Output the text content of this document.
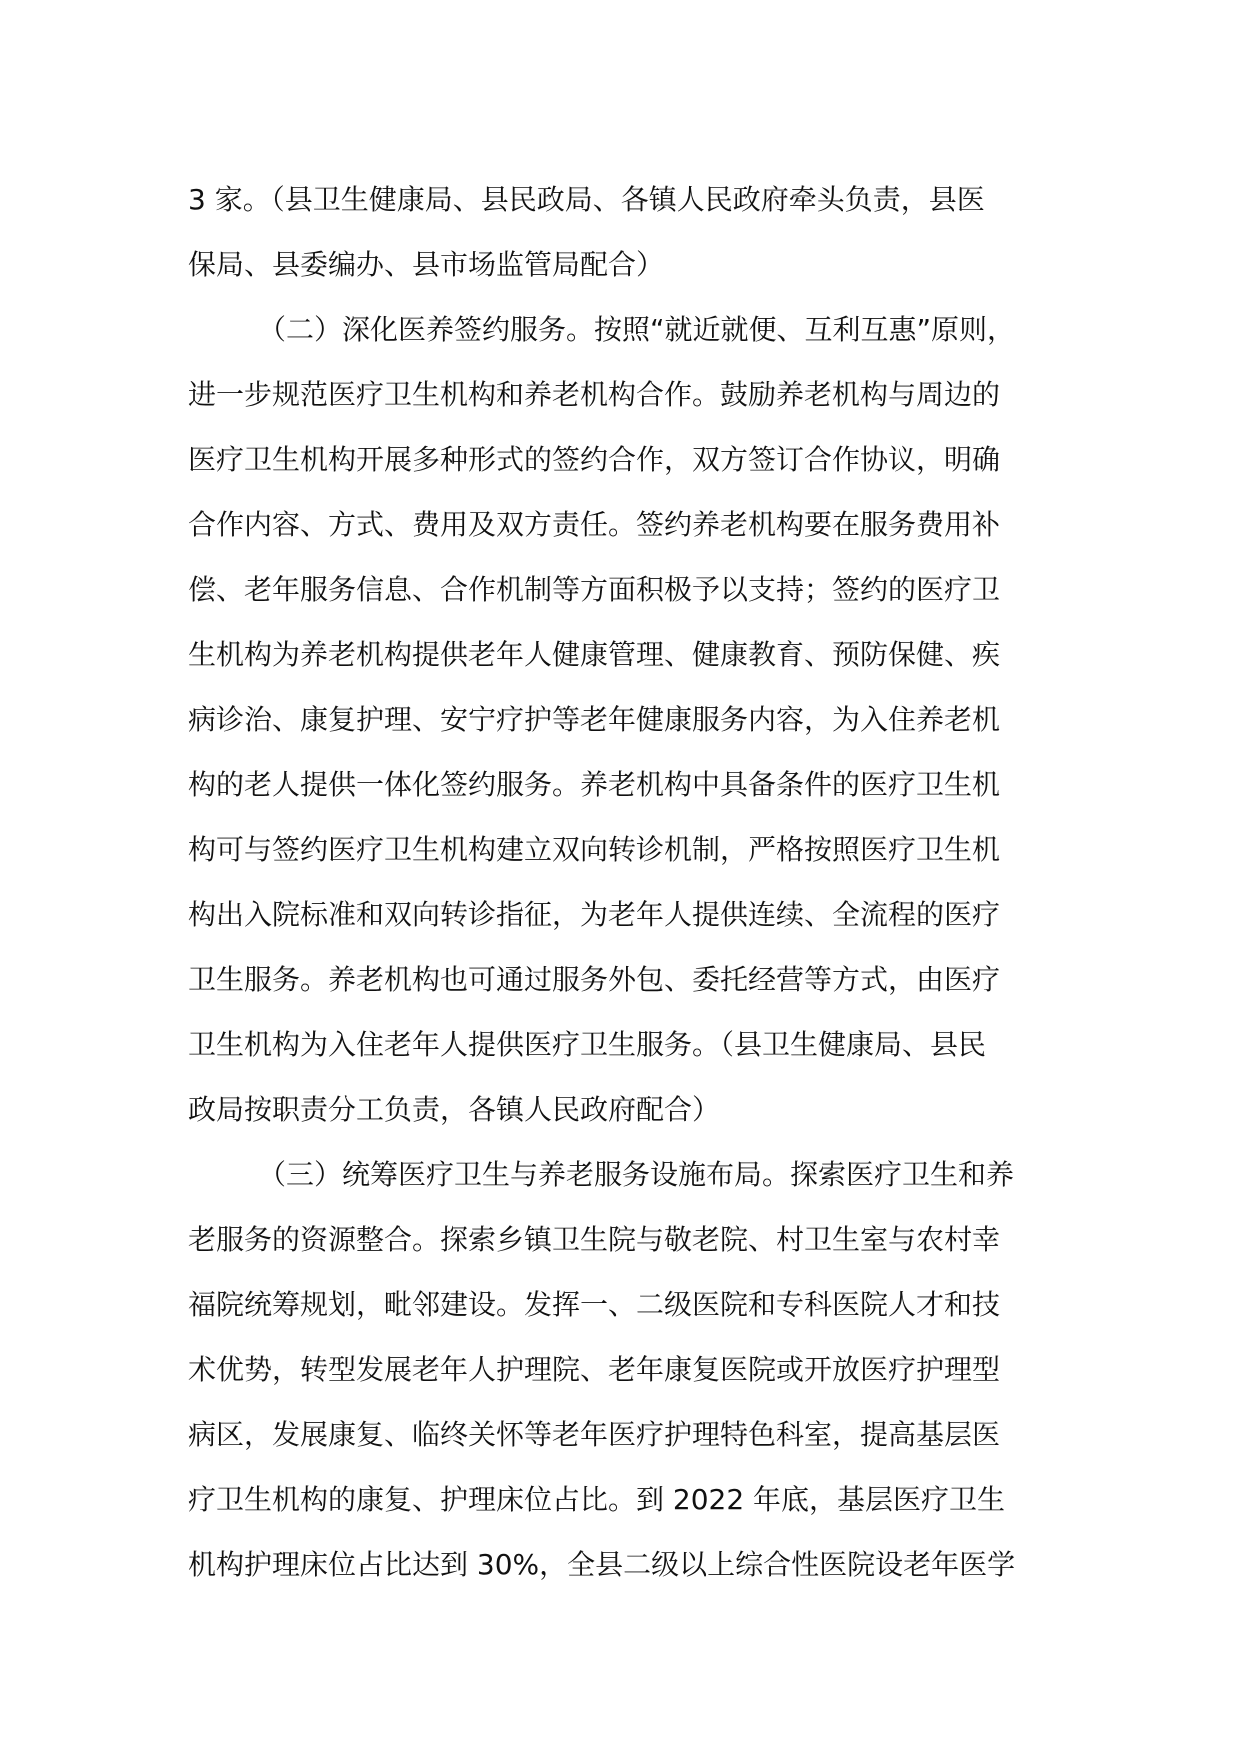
3 家。（县卫生健康局、县民政局、各镇人民政府牵头负责，县医
保局、县委编办、县市场监管局配合）
（二）深化医养签约服务。按照“就近就便、互利互惠”原则，
进一步规范医疗卫生机构和养老机构合作。鼓励养老机构与周边的
医疗卫生机构开展多种形式的签约合作，双方签订合作协议，明确
合作内容、方式、费用及双方责任。签约养老机构要在服务费用补
偿、老年服务信息、合作机制等方面积极予以支持；签约的医疗卫
生机构为养老机构提供老年人健康管理、健康教育、预防保健、疾
病诊治、康复护理、安宁疗护等老年健康服务内容，为入住养老机
构的老人提供一体化签约服务。养老机构中具备条件的医疗卫生机
构可与签约医疗卫生机构建立双向转诊机制，严格按照医疗卫生机
构出入院标准和双向转诊指征，为老年人提供连续、全流程的医疗
卫生服务。养老机构也可通过服务外包、委托经营等方式，由医疗
卫生机构为入住老年人提供医疗卫生服务。（县卫生健康局、县民
政局按职责分工负责，各镇人民政府配合）
（三）统筹医疗卫生与养老服务设施布局。探索医疗卫生和养
老服务的资源整合。探索乡镇卫生院与敬老院、村卫生室与农村幸
福院统筹规划，毗邻建设。发挥一、二级医院和专科医院人才和技
术优势，转型发展老年人护理院、老年康复医院或开放医疗护理型
病区，发展康复、临终关怀等老年医疗护理特色科室，提高基层医
疗卫生机构的康复、护理床位占比。到 2022 年底，基层医疗卫生
机构护理床位占比达到 30%，全县二级以上综合性医院设老年医学
